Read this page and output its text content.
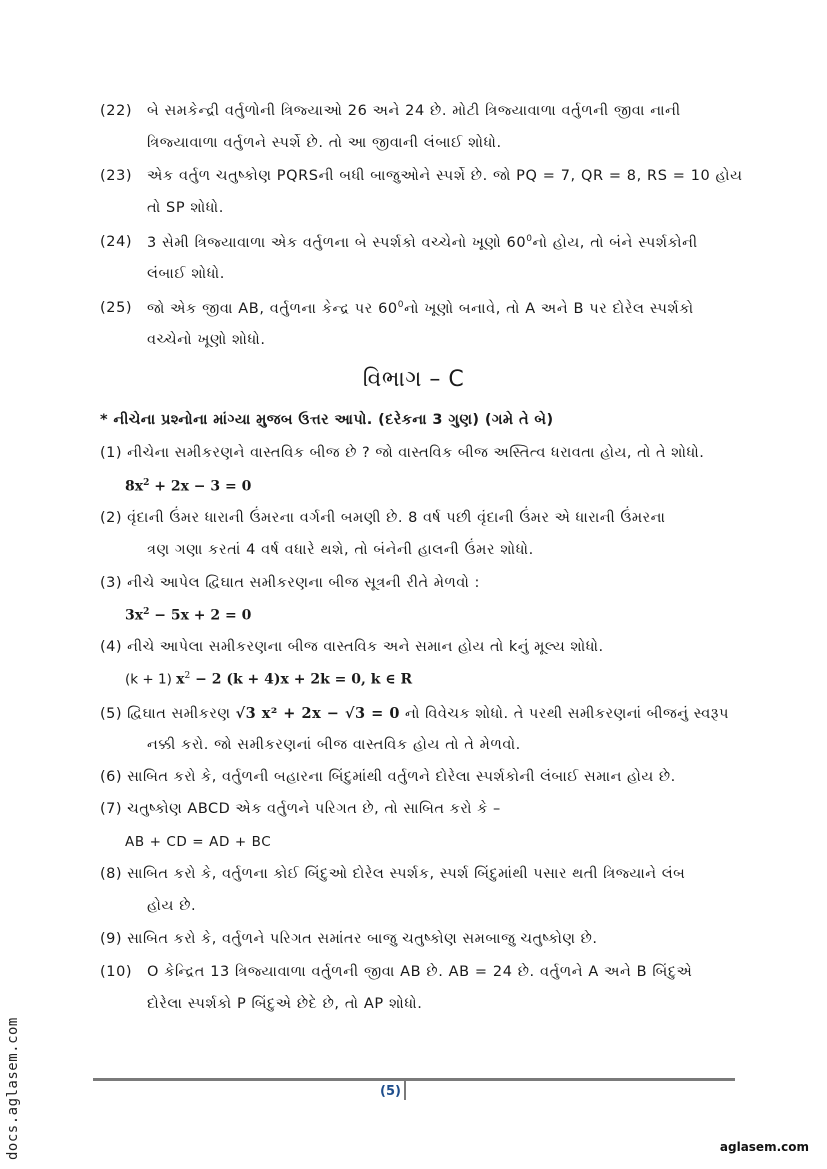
(22) બે સમકેન્દ્રી વર્તુળોની ત્રિજ્યાઓ 26 અને 24 છે. મોટી ત્રિજ્યાવાળા વર્તુળની જીવા નાની
ત્રિજ્યાવાળા વર્તુળને સ્પર્શે છે. તો આ જીવાની લંબાઈ શોધો.
(23) એક વર્તુળ ચતુષ્કોણ PQRSની બધી બાજુઓને સ્પર્શે છે. જો PQ = 7, QR = 8, RS = 10 હોય
તો SP શોધો.
(24) 3 સેમી ત્રિજ્યાવાળા એક વર્તુળના બે સ્પર્શકો વચ્ચેનો ખૂણો $60^0નો$ હોય, તો બંને સ્પર્શકોની
લંબાઈ શોધો.
(25) જો એક જીવા AB, વર્તુળના કેન્દ્ર પર $60^0નો$ ખૂણો બનાવે, તો A અને B પર દોરેલ સ્પર્શકો
વચ્ચેનો ખૂણો શોધો.
વિભાગ – C
* નીચેના પ્રશ્નોના માંગ્યા મુજબ ઉત્તર આપો. (દરેકના 3 ગુણ) (ગમે તે બે)
(1) નીચેના સમીકરણને વાસ્તવિક બીજ છે ? જો વાસ્તવિક બીજ અસ્તિત્વ ધરાવતા હોય, તો તે શોધો.
$8x^2 + 2x - 3 = 0$
(2) વૃંદાની ઉંમર ધારાની ઉંમરના વર્ગની બમણી છે. 8 વર્ષ પછી વૃંદાની ઉંમર એ ધારાની ઉંમરના
ત્રણ ગણા કરતાં 4 વર્ષ વધારે થશે, તો બંનેની હાલની ઉંમર શોધો.
(3) નીચે આપેલ દ્વિઘાત સમીકરણના બીજ સૂત્રની રીતે મેળવો :
$3x^2 - 5x + 2 = 0$
(4) નીચે આપેલા સમીકરણના બીજ વાસ્તવિક અને સમાન હોય તો kનું મૂલ્ય શોધો.
(k + 1) $x^2 - 2$ (k + 4)x + 2k = 0, k ∈ R
(5) દ્વિઘાત સમીકરણ √3 x² + 2x − √3 = 0 નો વિવેચક શોધો. તે પરથી સમીકરણનાં બીજનું સ્વરૂપ
નક્કી કરો. જો સમીકરણનાં બીજ વાસ્તવિક હોય તો તે મેળવો.
(6) સાબિત કરો કે, વર્તુળની બહારના બિંદુમાંથી વર્તુળને દોરેલા સ્પર્શકોની લંબાઈ સમાન હોય છે.
(7) ચતુષ્કોણ ABCD એક વર્તુળને પરિગત છે, તો સાબિત કરો કે –
AB + CD = AD + BC
(8) સાબિત કરો કે, વર્તુળના કોઈ બિંદુઓ દોરેલ સ્પર્શક, સ્પર્શ બિંદુમાંથી પસાર થતી ત્રિજ્યાને લંબ
હોય છે.
(9) સાબિત કરો કે, વર્તુળને પરિગત સમાંતર બાજુ ચતુષ્કોણ સમબાજુ ચતુષ્કોણ છે.
(10) O કેન્દ્રિત 13 ત્રિજ્યાવાળા વર્તુળની જીવા AB છે. AB = 24 છે. વર્તુળને A અને B બિંદુએ
દોરેલા સ્પર્શકો P બિંદુએ છેદે છે, તો AP શોધો.
(5)
docs.aglasem.com	aglasem.com
